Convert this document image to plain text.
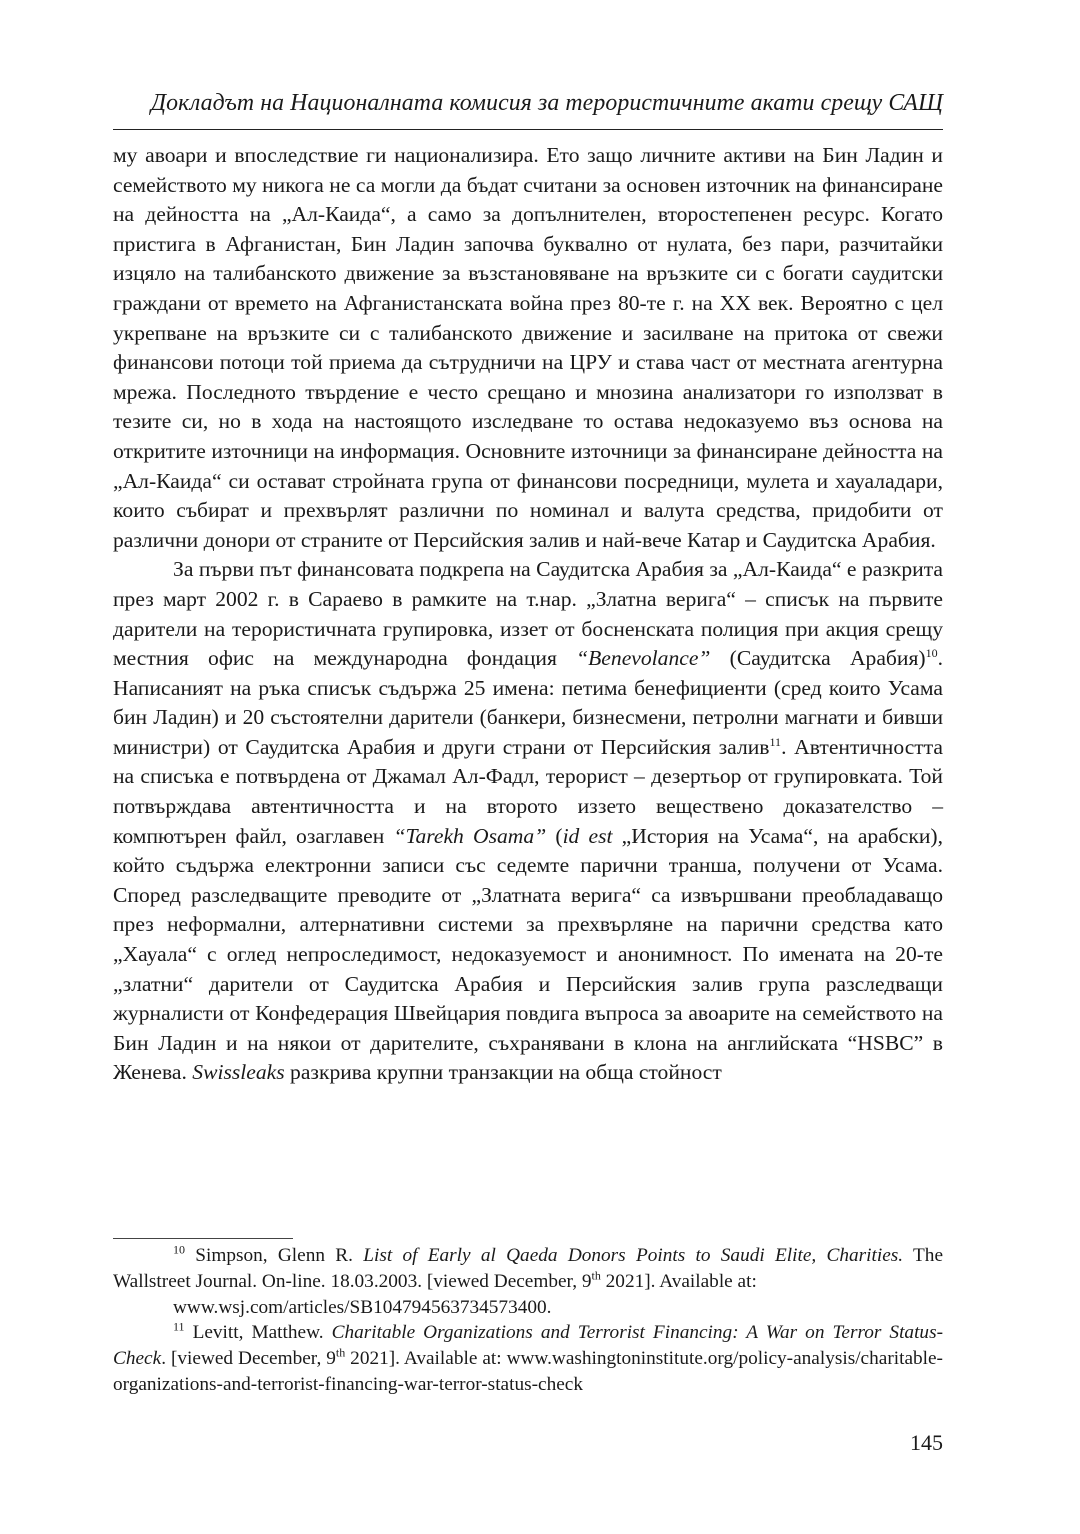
Докладът на Националната комисия за терористичните акати срещу САЩ

му авоари и впоследствие ги национализира. Ето защо личните активи на Бин Ладин и семейството му никога не са могли да бъдат считани за основен източник на финансиране на дейността на „Ал-Каида“, а само за допълнителен, второстепенен ресурс. Когато пристига в Афганистан, Бин Ладин започва буквално от нулата, без пари, разчитайки изцяло на талибанското движение за възстановяване на връзките си с богати саудитски граждани от времето на Афганистанската война през 80-те г. на XX век. Вероятно с цел укрепване на връзките си с талибанското движение и засилване на притока от свежи финансови потоци той приема да сътрудничи на ЦРУ и става част от местната агентурна мрежа. Последното твърдение е често срещано и мнозина анализатори го използват в тезите си, но в хода на настоящото изследване то остава недоказуемо въз основа на откритите източници на информация. Основните източници за финансиране дейността на „Ал-Каида“ си остават стройната група от финансови посредници, мулета и хауаладари, които събират и прехвърлят различни по номинал и валута средства, придобити от различни донори от страните от Персийския залив и най-вече Катар и Саудитска Арабия.

За първи път финансовата подкрепа на Саудитска Арабия за „Ал-Каида“ е разкрита през март 2002 г. в Сараево в рамките на т.нар. „Златна верига“ – списък на първите дарители на терористичната групировка, иззет от босненската полиция при акция срещу местния офис на международна фондация “Benevolance” (Саудитска Арабия)$^{10}$. Написаният на ръка списък съдържа 25 имена: петима бенефициенти (сред които Усама бин Ладин) и 20 състоятелни дарители (банкери, бизнесмени, петролни магнати и бивши министри) от Саудитска Арабия и други страни от Персийския залив$^{11}$. Автентичността на списъка е потвърдена от Джамал Ал-Фадл, терорист – дезертьор от групировката. Той потвърждава автентичността и на второто иззето веществено доказателство – компютърен файл, озаглавен “Tarekh Osama” (id est „История на Усама“, на арабски), който съдържа електронни записи със седемте парични транша, получени от Усама. Според разследващите преводите от „Златната верига“ са извършвани преобладаващо през неформални, алтернативни системи за прехвърляне на парични средства като „Хауала“ с оглед непроследимост, недоказуемост и анонимност. По имената на 20-те „златни“ дарители от Саудитска Арабия и Персийския залив група разследващи журналисти от Конфедерация Швейцария повдига въпроса за авоарите на семейството на Бин Ладин и на някои от дарителите, съхранявани в клона на английската “HSBC” в Женева. Swissleaks разкрива крупни транзакции на обща стойност

$^{10}$ Simpson, Glenn R. List of Early al Qaeda Donors Points to Saudi Elite, Charities. The Wallstreet Journal. On-line. 18.03.2003. [viewed December, 9th 2021]. Available at:

www.wsj.com/articles/SB104794563734573400.

$^{11}$ Levitt, Matthew. Charitable Organizations and Terrorist Financing: A War on Terror Status-Check. [viewed December, 9th 2021]. Available at: www.washingtoninstitute.org/policy-analysis/charitable-organizations-and-terrorist-financing-war-terror-status-check

145
